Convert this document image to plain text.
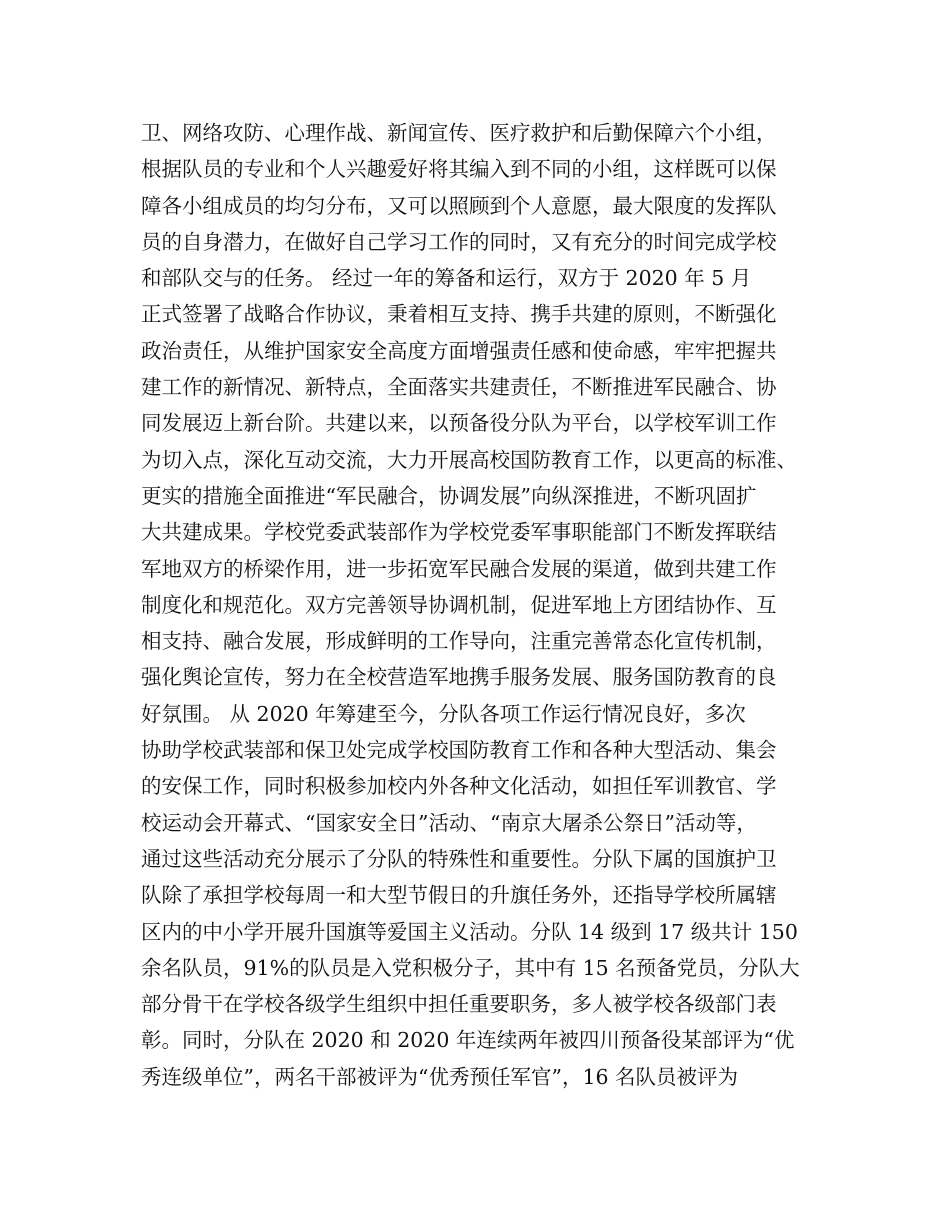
卫、网络攻防、心理作战、新闻宣传、医疗救护和后勤保障六个小组，

根据队员的专业和个人兴趣爱好将其编入到不同的小组，这样既可以保

障各小组成员的均匀分布，又可以照顾到个人意愿，最大限度的发挥队

员的自身潜力，在做好自己学习工作的同时，又有充分的时间完成学校

和部队交与的任务。 经过一年的筹备和运行，双方于 2020 年 5 月

正式签署了战略合作协议，秉着相互支持、携手共建的原则，不断强化

政治责任，从维护国家安全高度方面增强责任感和使命感，牢牢把握共

建工作的新情况、新特点，全面落实共建责任，不断推进军民融合、协

同发展迈上新台阶。共建以来，以预备役分队为平台，以学校军训工作

为切入点，深化互动交流，大力开展高校国防教育工作，以更高的标准、

更实的措施全面推进“军民融合，协调发展”向纵深推进，不断巩固扩

大共建成果。学校党委武装部作为学校党委军事职能部门不断发挥联结

军地双方的桥梁作用，进一步拓宽军民融合发展的渠道，做到共建工作

制度化和规范化。双方完善领导协调机制，促进军地上方团结协作、互

相支持、融合发展，形成鲜明的工作导向，注重完善常态化宣传机制，

强化舆论宣传，努力在全校营造军地携手服务发展、服务国防教育的良

好氛围。 从 2020 年筹建至今，分队各项工作运行情况良好，多次

协助学校武装部和保卫处完成学校国防教育工作和各种大型活动、集会

的安保工作，同时积极参加校内外各种文化活动，如担任军训教官、学

校运动会开幕式、“国家安全日”活动、“南京大屠杀公祭日”活动等，

通过这些活动充分展示了分队的特殊性和重要性。分队下属的国旗护卫

队除了承担学校每周一和大型节假日的升旗任务外，还指导学校所属辖

区内的中小学开展升国旗等爱国主义活动。分队 14 级到 17 级共计 150

余名队员，91%的队员是入党积极分子，其中有 15 名预备党员，分队大

部分骨干在学校各级学生组织中担任重要职务，多人被学校各级部门表

彰。同时，分队在 2020 和 2020 年连续两年被四川预备役某部评为“优

秀连级单位”，两名干部被评为“优秀预任军官”，16 名队员被评为
